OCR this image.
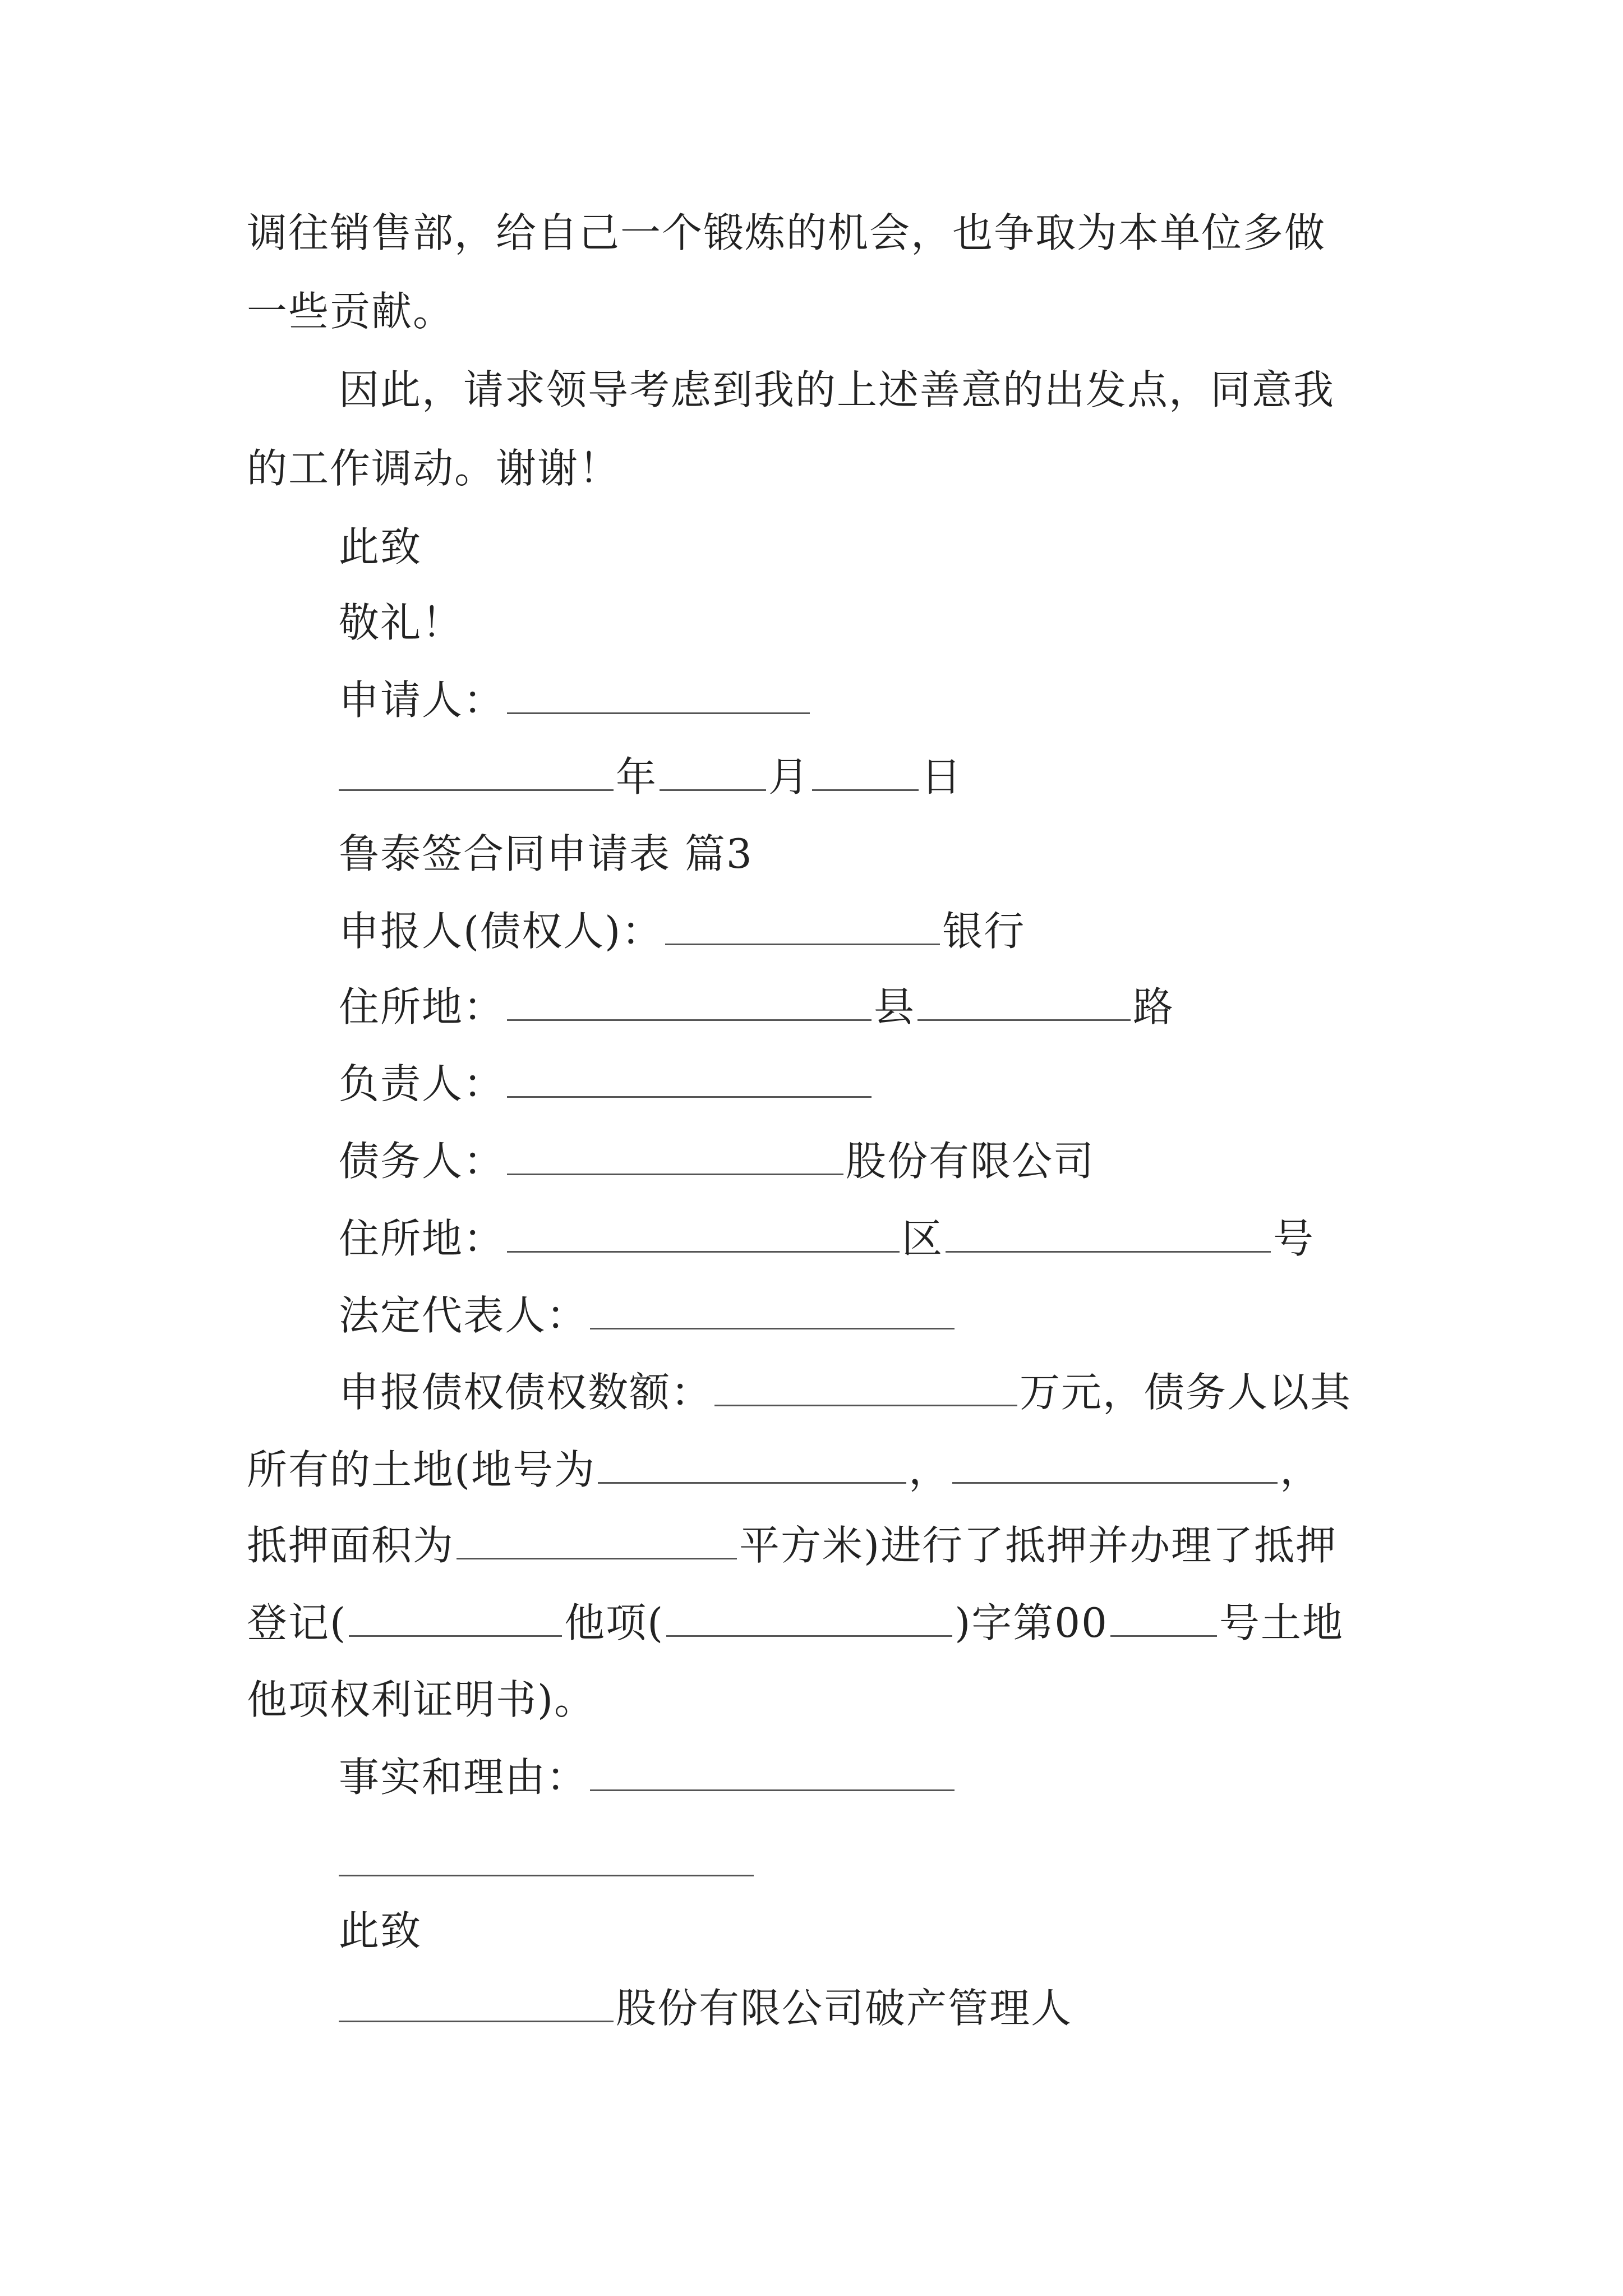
调往销售部，给自己一个锻炼的机会，也争取为本单位多做
一些贡献。
因此，请求领导考虑到我的上述善意的出发点，同意我
的工作调动。谢谢！
此致
敬礼！
申请人：
年	月	日
鲁泰签合同申请表 篇3
申报人(债权人)：	银行
住所地：	县	路
负责人：
债务人：	股份有限公司
住所地：	区	号
法定代表人：
申报债权债权数额：	万元，债务人以其
所有的土地(地号为	，	，
抵押面积为	平方米)进行了抵押并办理了抵押
登记(	他项(	)字第00	号土地
他项权利证明书)。
事实和理由：
此致
股份有限公司破产管理人
